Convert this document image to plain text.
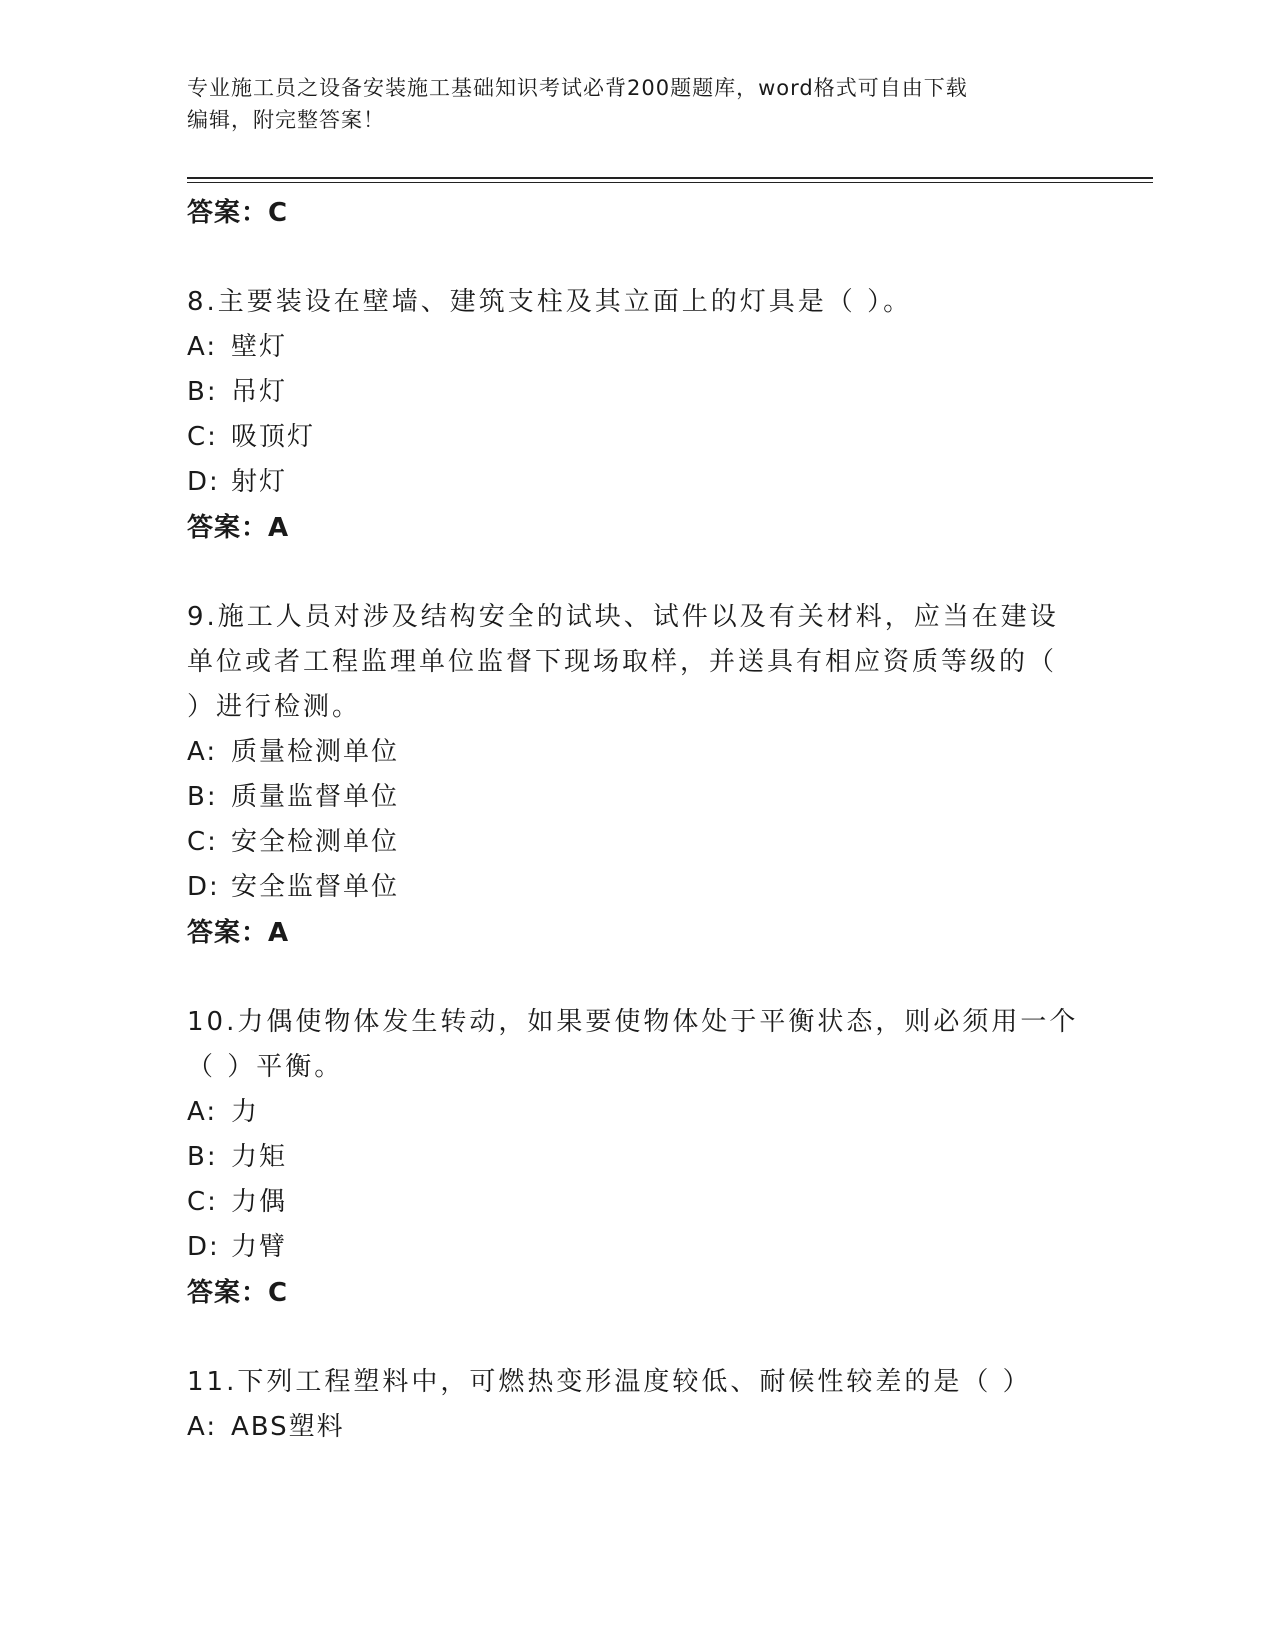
专业施工员之设备安装施工基础知识考试必背200题题库，word格式可自由下载
编辑，附完整答案！
答案：C
8.主要装设在壁墙、建筑支柱及其立面上的灯具是（ ）。
A: 壁灯
B: 吊灯
C: 吸顶灯
D: 射灯
答案：A
9.施工人员对涉及结构安全的试块、试件以及有关材料，应当在建设
单位或者工程监理单位监督下现场取样，并送具有相应资质等级的（
）进行检测。
A: 质量检测单位
B: 质量监督单位
C: 安全检测单位
D: 安全监督单位
答案：A
10.力偶使物体发生转动，如果要使物体处于平衡状态，则必须用一个
（ ）平衡。
A: 力
B: 力矩
C: 力偶
D: 力臂
答案：C
11.下列工程塑料中，可燃热变形温度较低、耐候性较差的是（ ）
A: ABS塑料
